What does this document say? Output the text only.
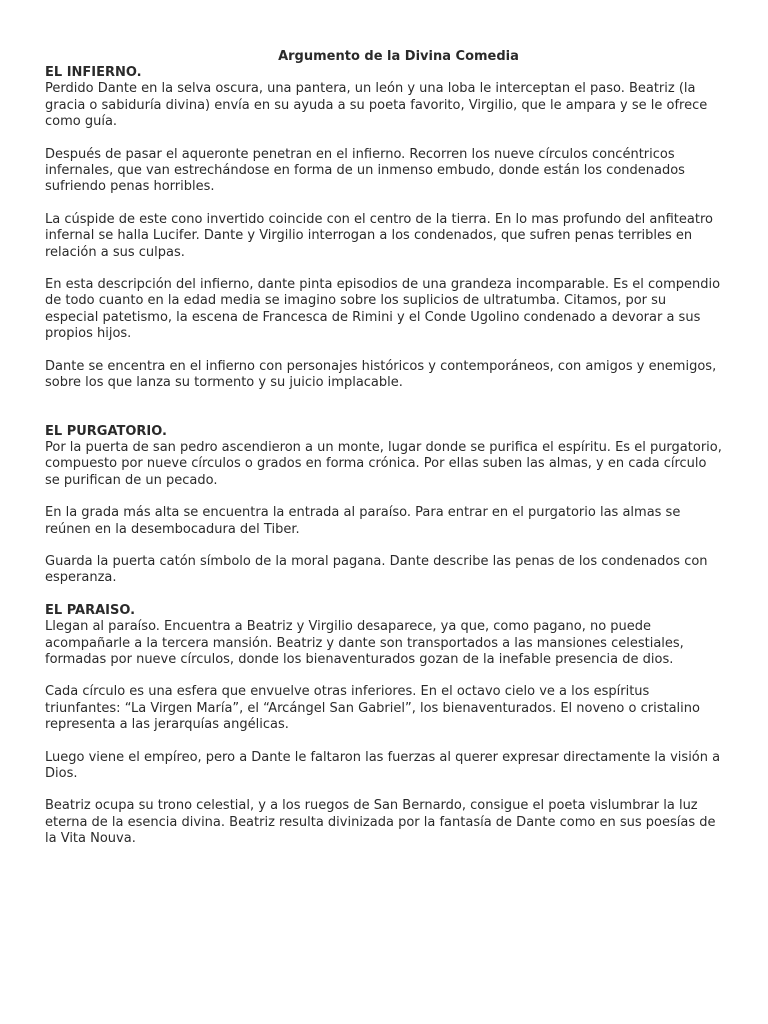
Argumento de la Divina Comedia
EL INFIERNO.

Perdido Dante en la selva oscura, una pantera, un león y una loba le interceptan el paso. Beatriz (la gracia o sabiduría divina) envía en su ayuda a su poeta favorito, Virgilio, que le ampara y se le ofrece como guía.

Después de pasar el aqueronte penetran en el infierno. Recorren los nueve círculos concéntricos infernales, que van estrechándose en forma de un inmenso embudo, donde están los condenados sufriendo penas horribles.

La cúspide de este cono invertido coincide con el centro de la tierra. En lo mas profundo del anfiteatro infernal se halla Lucifer. Dante y Virgilio interrogan a los condenados, que sufren penas terribles en relación a sus culpas.

En esta descripción del infierno, dante pinta episodios de una grandeza incomparable. Es el compendio de todo cuanto en la edad media se imagino sobre los suplicios de ultratumba. Citamos, por su especial patetismo, la escena de Francesca de Rimini y el Conde Ugolino condenado a devorar a sus propios hijos.

Dante se encentra en el infierno con personajes históricos y contemporáneos, con amigos y enemigos, sobre los que lanza su tormento y su juicio implacable.

EL PURGATORIO.

Por la puerta de san pedro ascendieron a un monte, lugar donde se purifica el espíritu. Es el purgatorio, compuesto por nueve círculos o grados en forma crónica. Por ellas suben las almas, y en cada círculo se purifican de un pecado.

En la grada más alta se encuentra la entrada al paraíso. Para entrar en el purgatorio las almas se reúnen en la desembocadura del Tiber.

Guarda la puerta catón símbolo de la moral pagana. Dante describe las penas de los condenados con esperanza.

EL PARAISO.

Llegan al paraíso. Encuentra a Beatriz y Virgilio desaparece, ya que, como pagano, no puede acompañarle a la tercera mansión. Beatriz y dante son transportados a las mansiones celestiales, formadas por nueve círculos, donde los bienaventurados gozan de la inefable presencia de dios.

Cada círculo es una esfera que envuelve otras inferiores. En el octavo cielo ve a los espíritus triunfantes: “La Virgen María”, el “Arcángel San Gabriel”, los bienaventurados. El noveno o cristalino representa a las jerarquías angélicas.

Luego viene el empíreo, pero a Dante le faltaron las fuerzas al querer expresar directamente la visión a Dios.

Beatriz ocupa su trono celestial, y a los ruegos de San Bernardo, consigue el poeta vislumbrar la luz eterna de la esencia divina. Beatriz resulta divinizada por la fantasía de Dante como en sus poesías de la Vita Nouva.
